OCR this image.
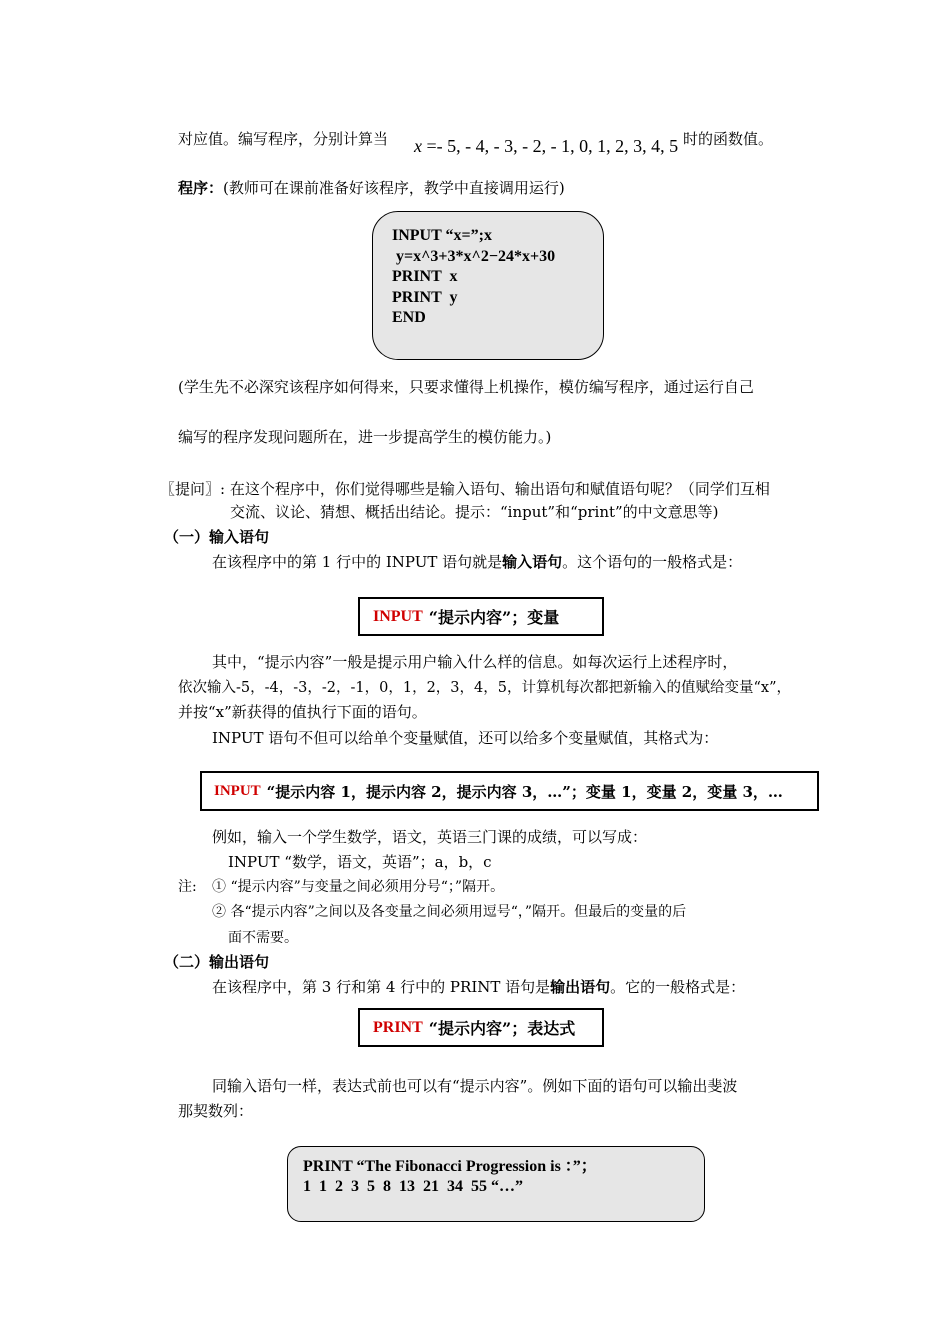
对应值。编写程序，分别计算当 x =- 5, - 4, - 3, - 2, - 1, 0, 1, 2, 3, 4, 5 时的函数值。
程序：(教师可在课前准备好该程序，教学中直接调用运行)
INPUT “x=”;x
y=x^3+3*x^2−24*x+30
PRINT  x
PRINT  y
END
(学生先不必深究该程序如何得来，只要求懂得上机操作，模仿编写程序，通过运行自己
编写的程序发现问题所在，进一步提高学生的模仿能力。)
〖提问〗: 在这个程序中，你们觉得哪些是输入语句、输出语句和赋值语句呢？（同学们互相
交流、议论、猜想、概括出结论。提示：“input”和“print”的中文意思等)
（一）输入语句
在该程序中的第 1 行中的 INPUT 语句就是输入语句。这个语句的一般格式是：
INPUT “提示内容”；变量
其中，“提示内容”一般是提示用户输入什么样的信息。如每次运行上述程序时，
依次输入-5，-4，-3，-2，-1，0，1，2，3，4，5，计算机每次都把新输入的值赋给变量“x”，
并按“x”新获得的值执行下面的语句。
INPUT 语句不但可以给单个变量赋值，还可以给多个变量赋值，其格式为：
INPUT “提示内容 1，提示内容 2，提示内容 3，…”；变量 1，变量 2，变量 3，…
例如，输入一个学生数学，语文，英语三门课的成绩，可以写成：
INPUT “数学，语文，英语”；a，b，c
注: ① “提示内容”与变量之间必须用分号“；”隔开。
② 各“提示内容”之间以及各变量之间必须用逗号“，”隔开。但最后的变量的后
面不需要。
（二）输出语句
在该程序中，第 3 行和第 4 行中的 PRINT 语句是输出语句。它的一般格式是：
PRINT “提示内容”；表达式
同输入语句一样，表达式前也可以有“提示内容”。例如下面的语句可以输出斐波
那契数列：
PRINT “The Fibonacci Progression is ：”；
1  1  2  3  5  8  13  21  34  55 “…”
